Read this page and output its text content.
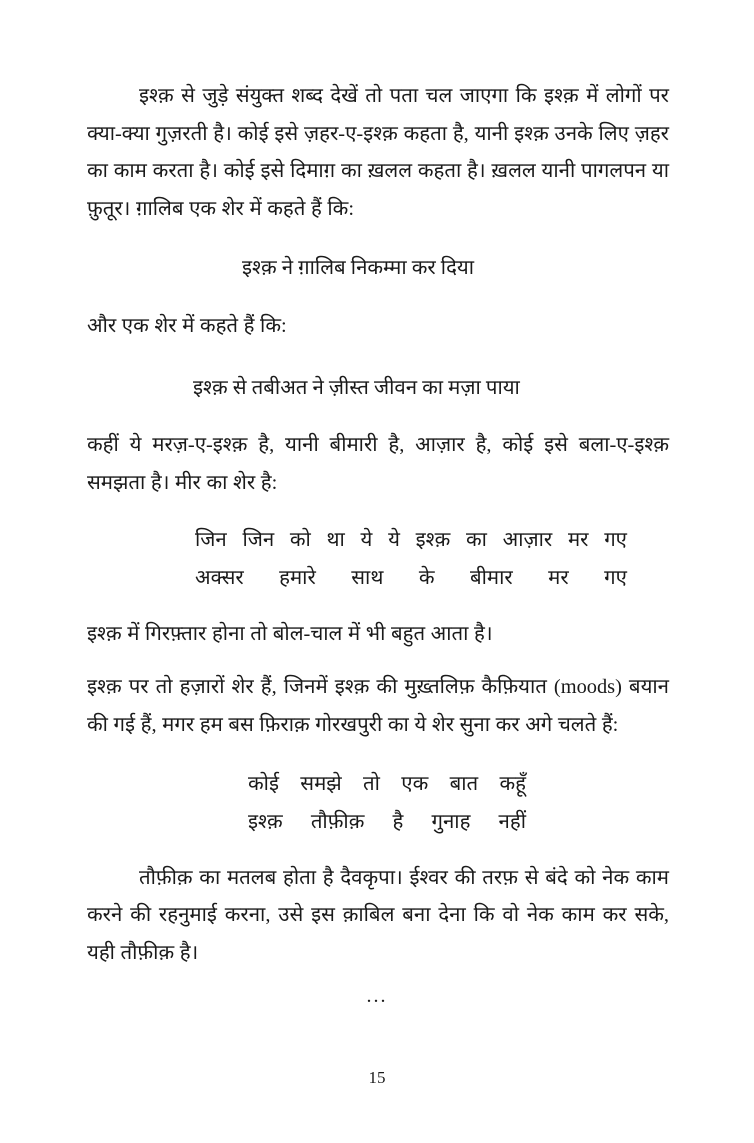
इश्क़ से जुड़े संयुक्त शब्द देखें तो पता चल जाएगा कि इश्क़ में लोगों पर क्या-क्या गुज़रती है। कोई इसे ज़हर-ए-इश्क़ कहता है, यानी इश्क़ उनके लिए ज़हर का काम करता है। कोई इसे दिमाग़ का ख़लल कहता है। ख़लल यानी पागलपन या फ़ुतूर। ग़ालिब एक शेर में कहते हैं कि:

इश्क़ ने ग़ालिब निकम्मा कर दिया

और एक शेर में कहते हैं कि:

इश्क़ से तबीअत ने ज़ीस्त जीवन का मज़ा पाया

कहीं ये मरज़-ए-इश्क़ है, यानी बीमारी है, आज़ार है, कोई इसे बला-ए-इश्क़ समझता है। मीर का शेर है:

जिन जिन को था ये ये इश्क़ का आज़ार मर गए
अक्सर हमारे साथ के बीमार मर गए

इश्क़ में गिरफ़्तार होना तो बोल-चाल में भी बहुत आता है।

इश्क़ पर तो हज़ारों शेर हैं, जिनमें इश्क़ की मुख़्तलिफ़ कैफ़ियात (moods) बयान की गई हैं, मगर हम बस फ़िराक़ गोरखपुरी का ये शेर सुना कर अगे चलते हैं:

कोई समझे तो एक बात कहूँ
इश्क़ तौफ़ीक़ है गुनाह नहीं

तौफ़ीक़ का मतलब होता है दैवकृपा। ईश्वर की तरफ़ से बंदे को नेक काम करने की रहनुमाई करना, उसे इस क़ाबिल बना देना कि वो नेक काम कर सके, यही तौफ़ीक़ है।

...
15
